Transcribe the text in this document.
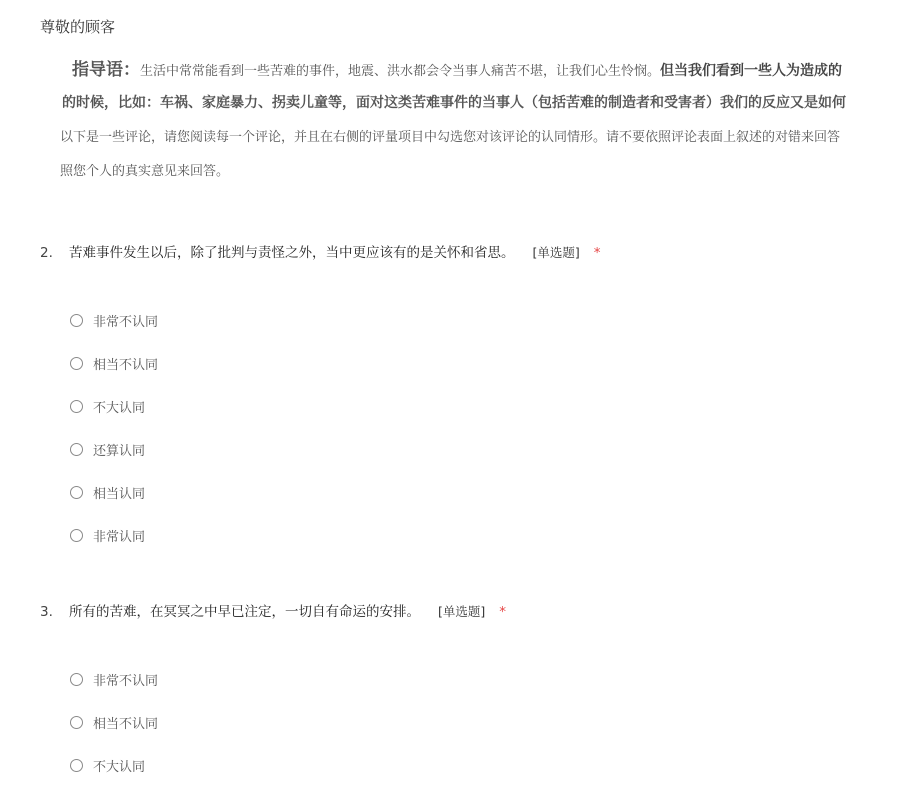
尊敬的顾客
指导语：生活中常常能看到一些苦难的事件，地震、洪水都会令当事人痛苦不堪，让我们心生怜悯。但当我们看到一些人为造成的
的时候，比如：车祸、家庭暴力、拐卖儿童等，面对这类苦难事件的当事人（包括苦难的制造者和受害者）我们的反应又是如何
以下是一些评论，请您阅读每一个评论，并且在右侧的评量项目中勾选您对该评论的认同情形。请不要依照评论表面上叙述的对错来回答
照您个人的真实意见来回答。
2. 苦难事件发生以后，除了批判与责怪之外，当中更应该有的是关怀和省思。 [单选题] *
非常不认同
相当不认同
不大认同
还算认同
相当认同
非常认同
3. 所有的苦难，在冥冥之中早已注定，一切自有命运的安排。 [单选题] *
非常不认同
相当不认同
不大认同
